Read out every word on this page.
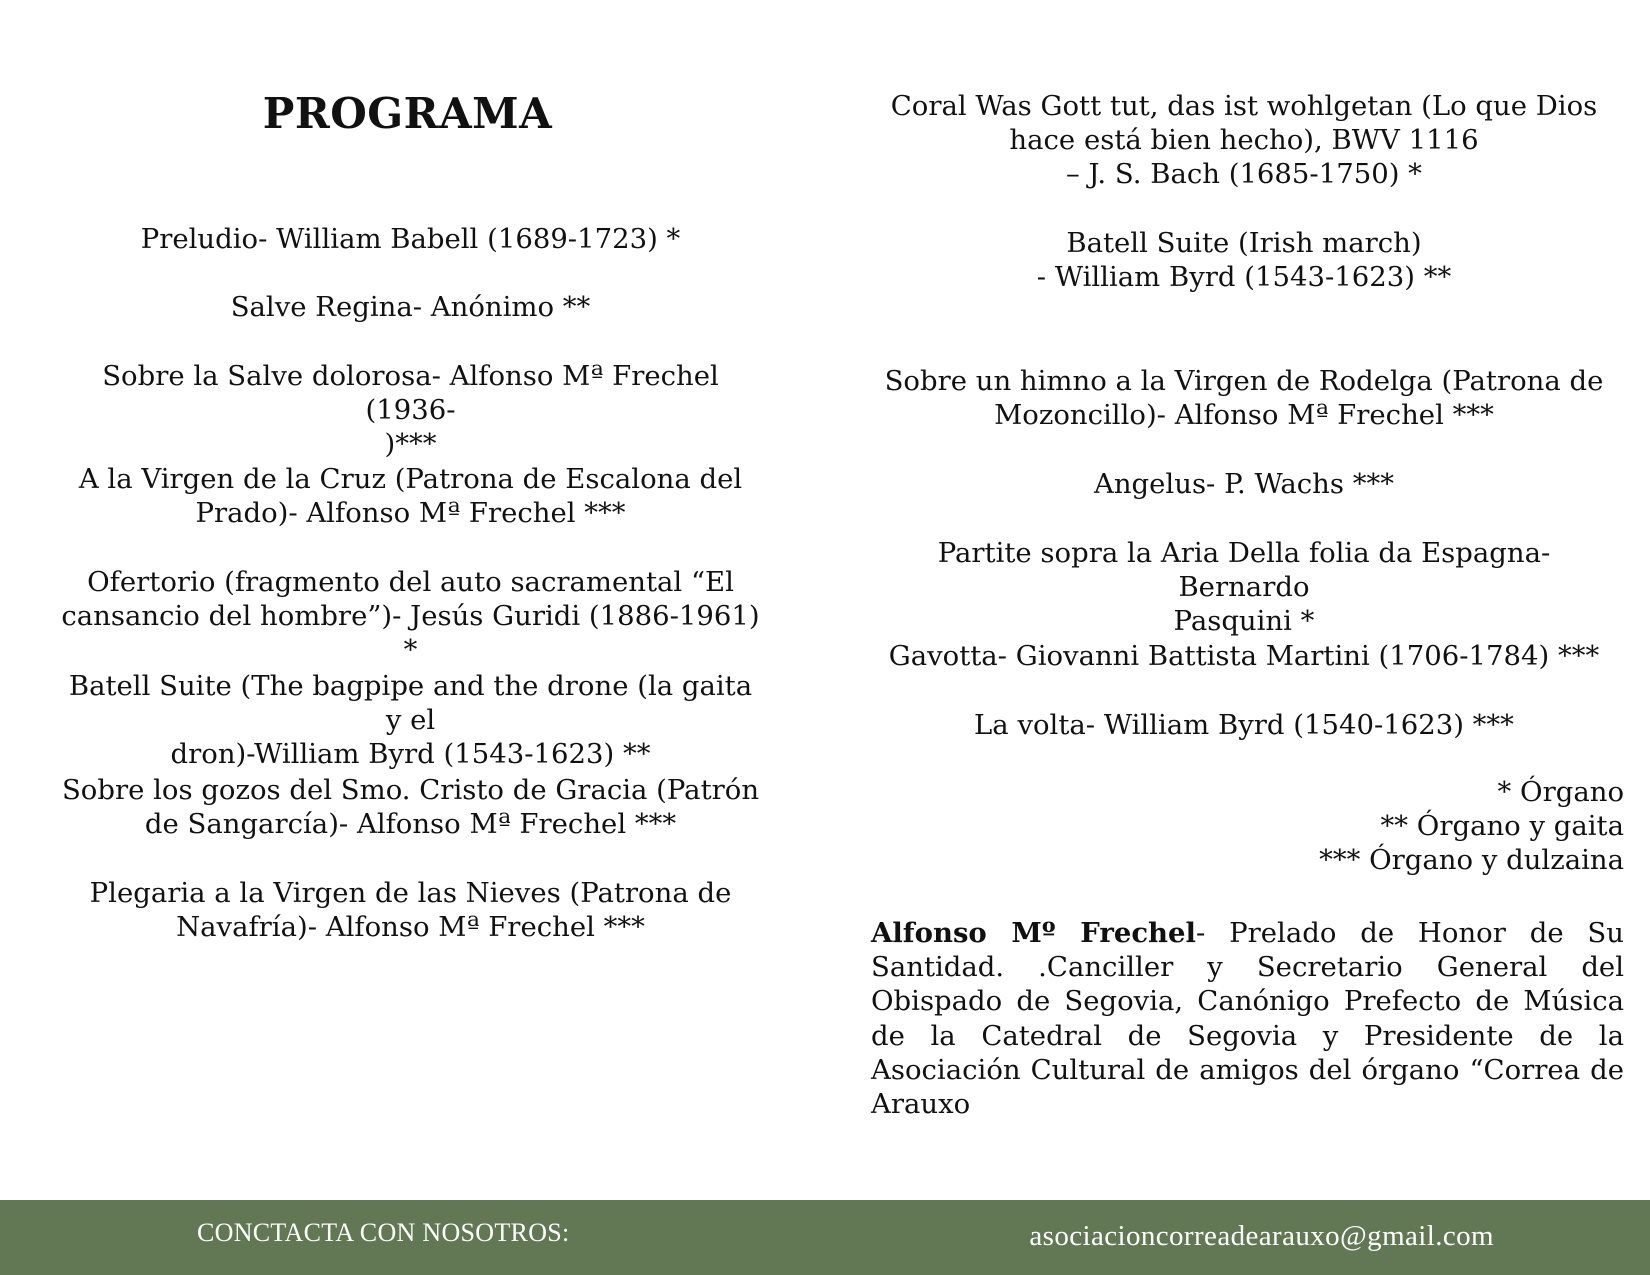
PROGRAMA
Preludio- William Babell (1689-1723) *
Salve Regina- Anónimo **
Sobre la Salve dolorosa- Alfonso Mª Frechel (1936-
)***
A la Virgen de la Cruz (Patrona de Escalona del
Prado)- Alfonso Mª Frechel ***
Ofertorio (fragmento del auto sacramental “El
cansancio del hombre”)- Jesús Guridi (1886-1961) *
Batell Suite (The bagpipe and the drone (la gaita y el
dron)-William Byrd (1543-1623) **
Sobre los gozos del Smo. Cristo de Gracia (Patrón
de Sangarcía)- Alfonso Mª Frechel ***
Plegaria a la Virgen de las Nieves (Patrona de
Navafría)- Alfonso Mª Frechel ***
Coral Was Gott tut, das ist wohlgetan (Lo que Dios
hace está bien hecho), BWV 1116
– J. S. Bach (1685-1750) *
Batell Suite (Irish march)
- William Byrd (1543-1623) **
Sobre un himno a la Virgen de Rodelga (Patrona de
Mozoncillo)- Alfonso Mª Frechel ***
Angelus- P. Wachs ***
Partite sopra la Aria Della folia da Espagna- Bernardo
Pasquini *
Gavotta- Giovanni Battista Martini (1706-1784) ***
La volta- William Byrd (1540-1623) ***
* Órgano
** Órgano y gaita
*** Órgano y dulzaina
Alfonso Mº Frechel- Prelado de Honor de Su Santidad. .Canciller y Secretario General del Obispado de Segovia, Canónigo Prefecto de Música de la Catedral de Segovia y Presidente de la Asociación Cultural de amigos del órgano “Correa de Arauxo
CONCTACTA CON NOSOTROS:	asociacioncorreadearauxo@gmail.com
